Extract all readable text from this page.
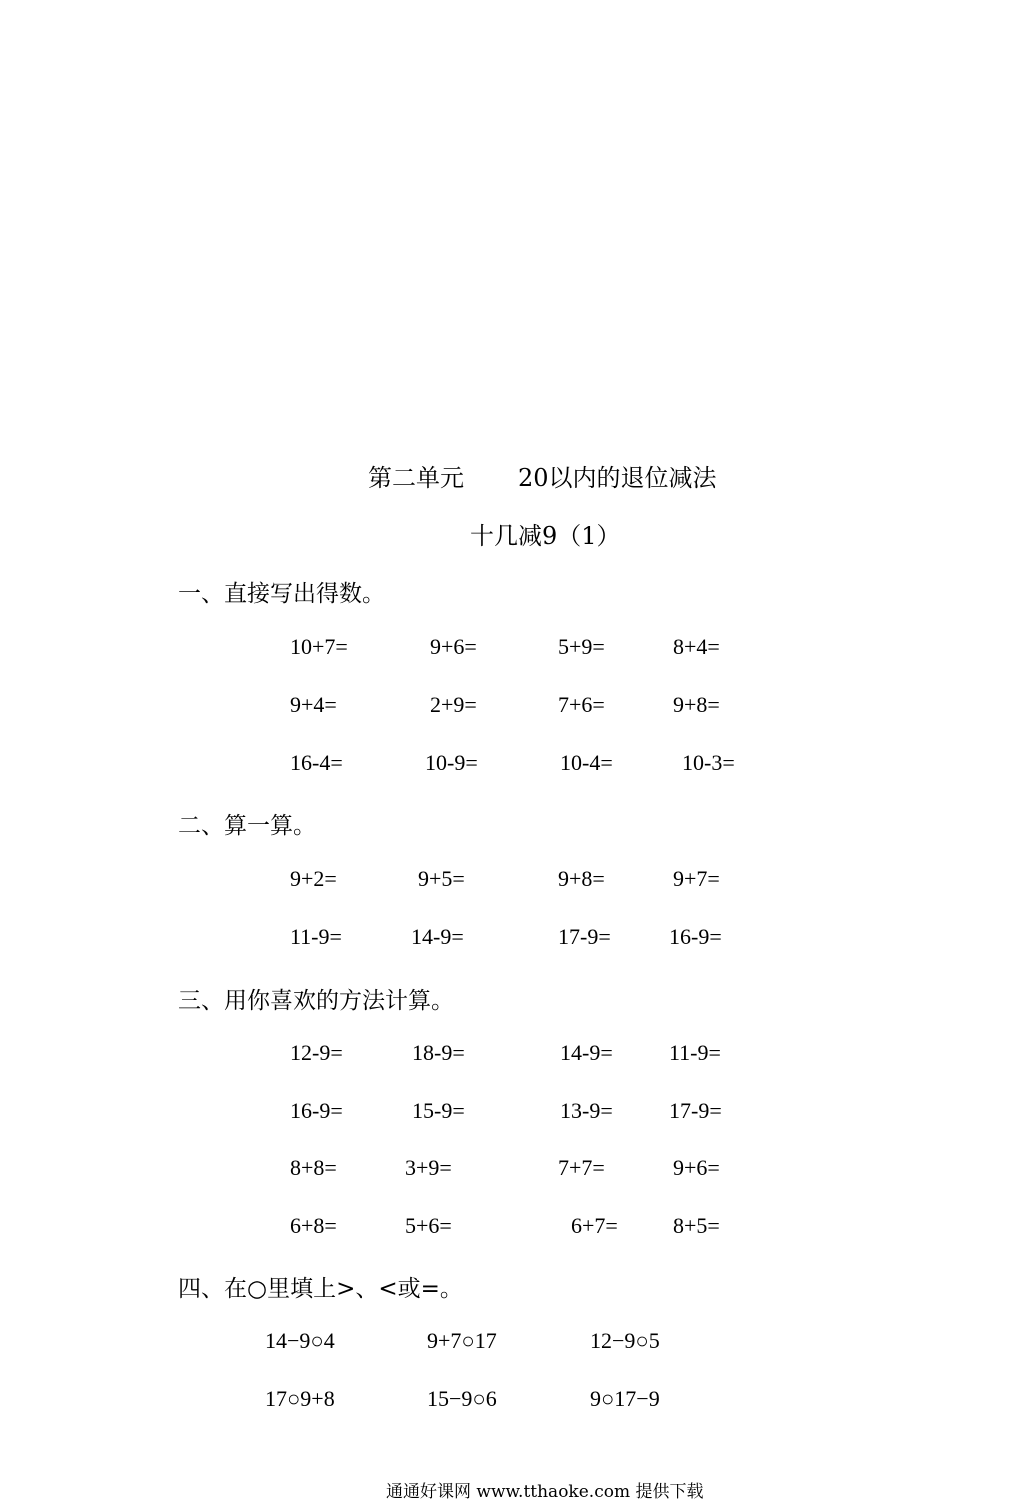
第二单元 20以内的退位减法
十几减9（1）
一、直接写出得数。
10+7=	9+6=	5+9=	8+4=
9+4=	2+9=	7+6=	9+8=
16-4=	10-9=	10-4=	10-3=
二、算一算。
9+2=	9+5=	9+8=	9+7=
11-9=	14-9=	17-9=	16-9=
三、用你喜欢的方法计算。
12-9=	18-9=	14-9=	11-9=
16-9=	15-9=	13-9=	17-9=
8+8=	3+9=	7+7=	9+6=
6+8=	5+6=	6+7=	8+5=
四、在○里填上>、<或=。
14−9○4	9+7○17	12−9○5
17○9+8	15−9○6	9○17−9
通通好课网 www.tthaoke.com 提供下载
